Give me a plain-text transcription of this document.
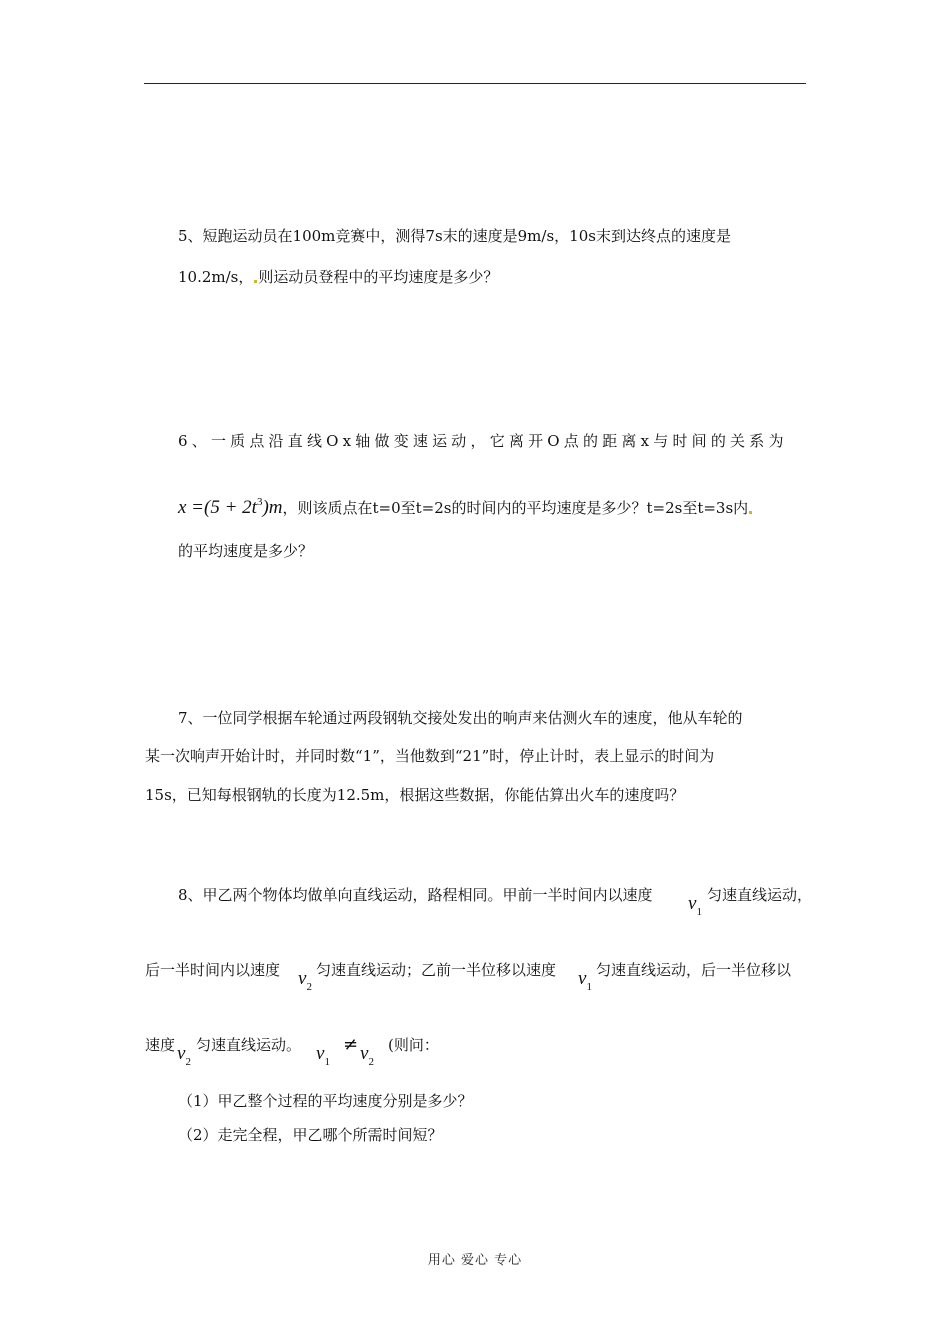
5、短跑运动员在100m竞赛中，测得7s末的速度是9m/s，10s末到达终点的速度是
10.2m/s， 则运动员登程中的平均速度是多少？
6、一质点沿直线Ox轴做变速运动，它离开O点的距离x与时间的关系为
$x =(5 + 2t^3)m$，则该质点在t=0至t=2s的时间内的平均速度是多少？t=2s至t=3s内
的平均速度是多少？
7、一位同学根据车轮通过两段钢轨交接处发出的响声来估测火车的速度，他从车轮的
某一次响声开始计时，并同时数“1”，当他数到“21”时，停止计时，表上显示的时间为
15s，已知每根钢轨的长度为12.5m，根据这些数据，你能估算出火车的速度吗？
8、甲乙两个物体均做单向直线运动，路程相同。甲前一半时间内以速度 $v_1$
匀速直线运动，
后一半时间内以速度 $v_2$
匀速直线运动；乙前一半位移以速度 $v_1$
匀速直线运动，后一半位移以
速度 $v_2$
匀速直线运动。 $v_1$
≠ $v_2$
(则问：
（1）甲乙整个过程的平均速度分别是多少？
（2）走完全程，甲乙哪个所需时间短？
用心 爱心 专心
